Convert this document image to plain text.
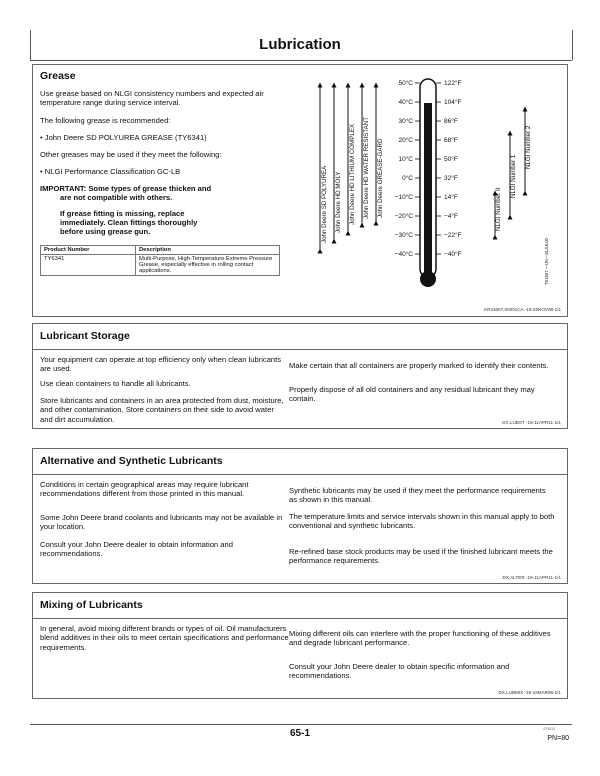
Lubrication
Grease
Use grease based on NLGI consistency numbers and expected air temperature range during service interval.
The following grease is recommended:
• John Deere SD POLYUREA GREASE (TY6341)
Other greases may be used if they meet the following:
• NLGI Performance Classification GC-LB
IMPORTANT: Some types of grease thicken and
are not compatible with others.
If grease fitting is missing, replace
immediately. Clean fittings thoroughly
before using grease gun.
Product Number	Description
TY6341	Multi-Purpose, High-Temperature Extreme Pressure Grease, especially effective in rolling contact applications.
John Deere SD POLYUREA John Deere HD MOLY John Deere HD LITHIUM COMPLEX John Deere HD WATER RESISTANT John Deere GREASE-GARD
50°C	122°F
40°C	104°F
30°C	86°F
20°C	68°F
10°C	50°F
0°C	32°F
−10°C	14°F
−20°C	−4°F
−30°C	−22°F
−40°C	−40°F
NLGI Number 0
NLGI Number 1
NLGI Number 2
TS1667 —UN—31JUL00
KR43067,00001CA -19-25NOV08-1/1
Lubricant Storage
Your equipment can operate at top efficiency only when clean lubricants are used.
Use clean containers to handle all lubricants.
Store lubricants and containers in an area protected from dust, moisture, and other contamination. Store containers on their side to avoid water and dirt accumulation.
Make certain that all containers are properly marked to identify their contents.
Properly dispose of all old containers and any residual lubricant they may contain.
DX,LUBST -19-11APR11-1/1
Alternative and Synthetic Lubricants
Conditions in certain geographical areas may require lubricant recommendations different from those printed in this manual.
Some John Deere brand coolants and lubricants may not be available in your location.
Consult your John Deere dealer to obtain information and recommendations.
Synthetic lubricants may be used if they meet the performance requirements as shown in this manual.
The temperature limits and service intervals shown in this manual apply to both conventional and synthetic lubricants.
Re-refined base stock products may be used if the finished lubricant meets the performance requirements.
DX,ALTER -19-11APR11-1/1
Mixing of Lubricants
In general, avoid mixing different brands or types of oil. Oil manufacturers blend additives in their oils to meet certain specifications and performance requirements.
Mixing different oils can interfere with the proper functioning of these additives and degrade lubricant performance.
Consult your John Deere dealer to obtain specific information and recommendations.
DX,LUBMIX -19-18MAR96-1/1
65-1	071613
PN=80
